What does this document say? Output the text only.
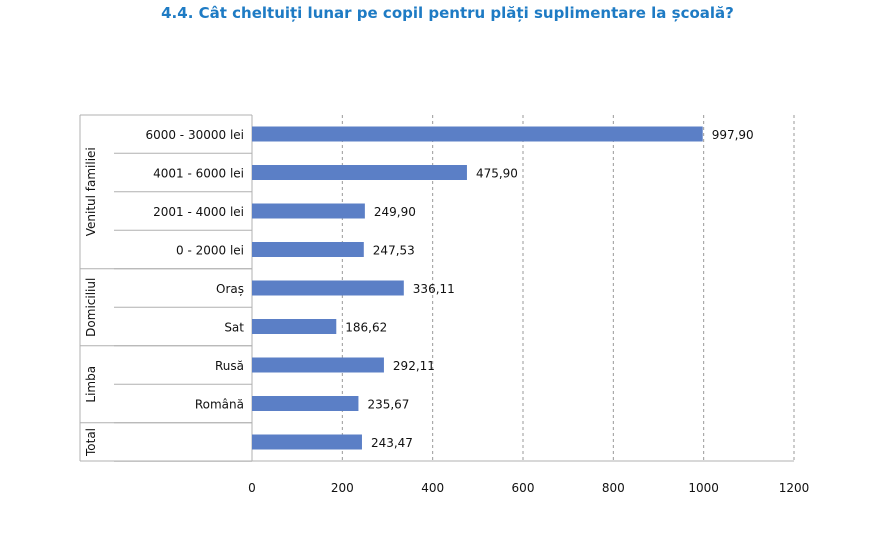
4.4. Cât cheltuiți lunar pe copil pentru plăți suplimentare la școală?
0	200	400	600	800	1000	1200
997,90
6000 - 30000 lei
475,90
4001 - 6000 lei
249,90
2001 - 4000 lei
247,53
0 - 2000 lei
Venitul familiei
336,11
Oraș
186,62
Sat
Domiciliul
292,11
Rusă
235,67
Română
Limba
243,47
Total
